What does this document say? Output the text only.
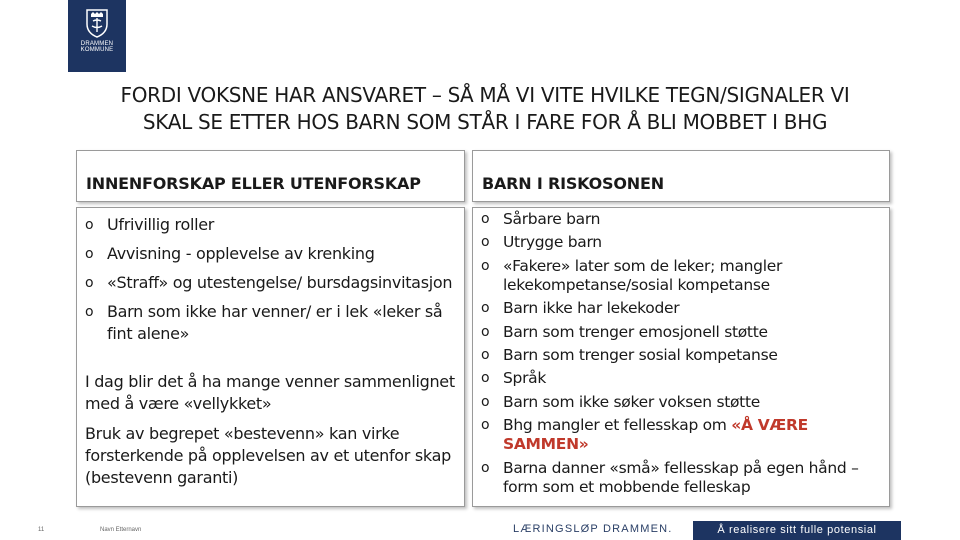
DRAMMEN
KOMMUNE
FORDI VOKSNE HAR ANSVARET – SÅ MÅ VI VITE HVILKE TEGN/SIGNALER VI
SKAL SE ETTER HOS BARN SOM STÅR I FARE FOR Å BLI MOBBET I BHG
INNENFORSKAP ELLER UTENFORSKAP
o Ufrivillig roller
o Avvisning - opplevelse av krenking
o «Straff» og utestengelse/ bursdagsinvitasjon
o Barn som ikke har venner/ er i lek «leker så fint alene»
I dag blir det å ha mange venner sammenlignet med å være «vellykket»
Bruk av begrepet «bestevenn» kan virke forsterkende på opplevelsen av et utenfor skap (bestevenn garanti)
BARN I RISKOSONEN
o Sårbare barn
o Utrygge barn
o «Fakere» later som de leker; mangler lekekompetanse/sosial kompetanse
o Barn ikke har lekekoder
o Barn som trenger emosjonell støtte
o Barn som trenger sosial kompetanse
o Språk
o Barn som ikke søker voksen støtte
o Bhg mangler et fellesskap om «Å VÆRE SAMMEN»
o Barna danner «små» fellesskap på egen hånd – form som et mobbende felleskap
11	Navn Etternavn	LÆRINGSLØP DRAMMEN.	Å realisere sitt fulle potensial
